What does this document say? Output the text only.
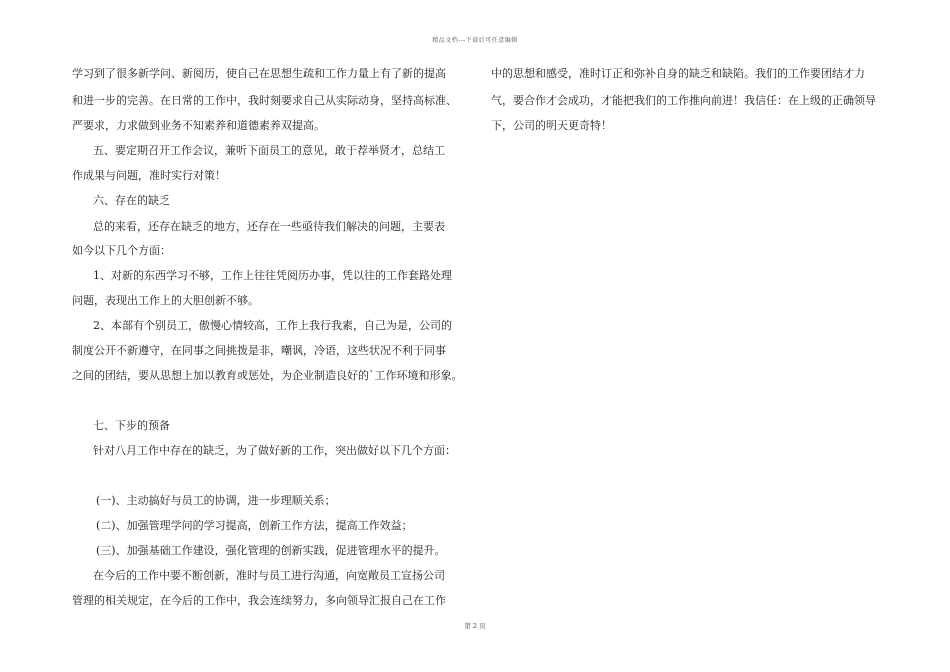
精品文档---下载后可任意编辑
学习到了很多新学问、新阅历，使自己在思想生疏和工作力量上有了新的提高
和进一步的完善。在日常的工作中，我时刻要求自己从实际动身，坚持高标准、
严要求，力求做到业务不知素养和道德素养双提高。
五、要定期召开工作会议，兼听下面员工的意见，敢于荐举贤才，总结工
作成果与问题，准时实行对策！
六、存在的缺乏
总的来看，还存在缺乏的地方，还存在一些亟待我们解决的问题，主要表
如今以下几个方面：
1、对新的东西学习不够，工作上往往凭阅历办事，凭以往的工作套路处理
问题，表现出工作上的大胆创新不够。
2、本部有个别员工，傲慢心情较高，工作上我行我素，自己为是，公司的
制度公开不新遵守，在同事之间挑拨是非，嘲讽，冷语，这些状况不利于同事
之间的团结，要从思想上加以教育或惩处，为企业制造良好的`工作环境和形象。
七、下步的预备
针对八月工作中存在的缺乏，为了做好新的工作，突出做好以下几个方面：
(一)、主动搞好与员工的协调，进一步理顺关系；
(二)、加强管理学问的学习提高，创新工作方法，提高工作效益；
(三)、加强基础工作建设，强化管理的创新实践，促进管理水平的提升。
在今后的工作中要不断创新，准时与员工进行沟通，向宽敞员工宣扬公司
管理的相关规定，在今后的工作中，我会连续努力，多向领导汇报自己在工作
中的思想和感受，准时订正和弥补自身的缺乏和缺陷。我们的工作要团结才力
气，要合作才会成功，才能把我们的工作推向前进！我信任：在上级的正确领导
下，公司的明天更奇特！
第 2 页
